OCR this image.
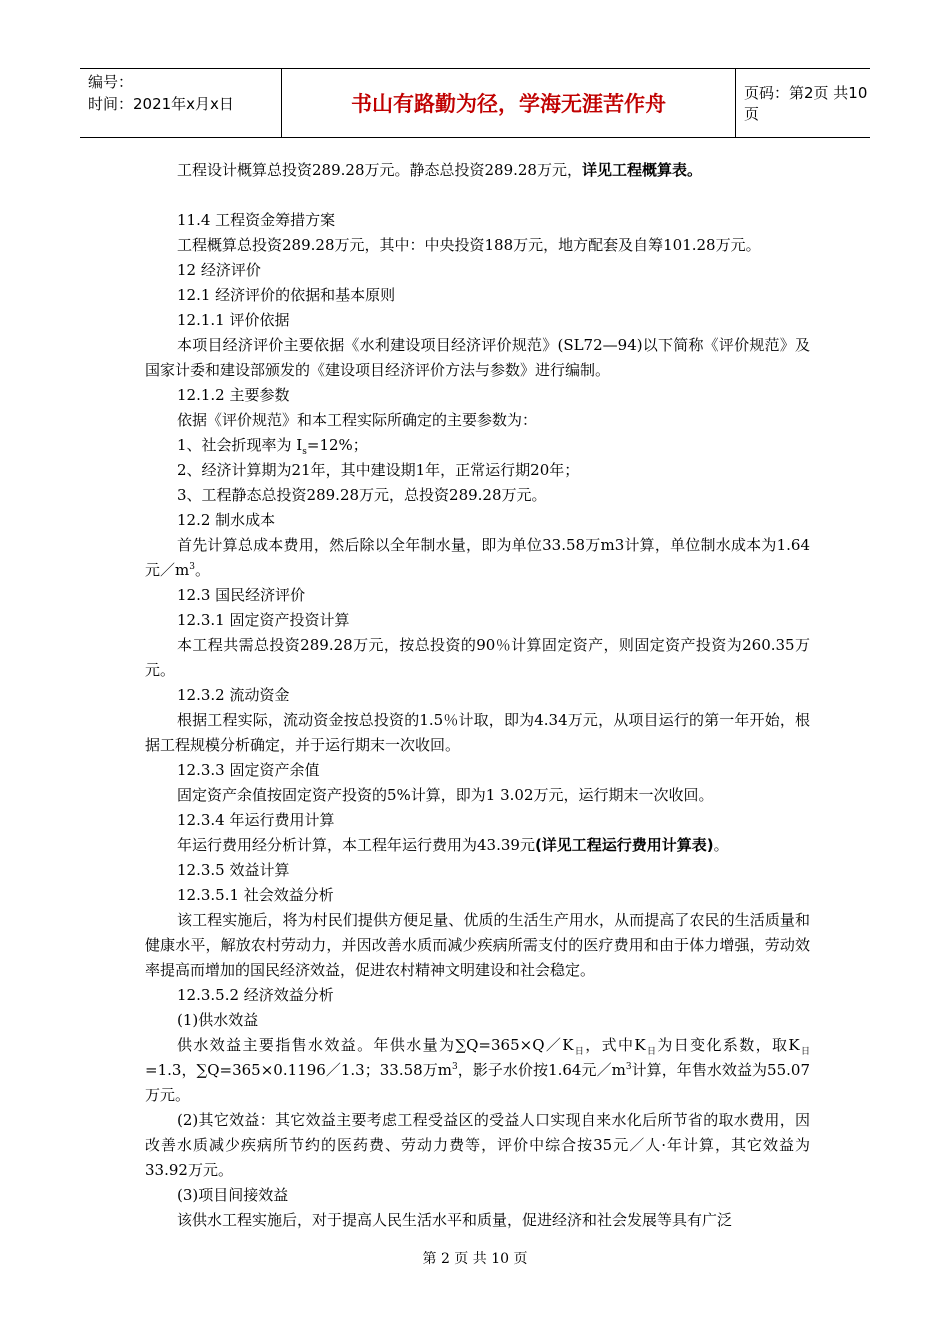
编号：
时间：2021年x月x日	书山有路勤为径，学海无涯苦作舟	页码：第2页 共10页

工程设计概算总投资289.28万元。静态总投资289.28万元，详见工程概算表。

11.4 工程资金筹措方案

工程概算总投资289.28万元，其中：中央投资188万元，地方配套及自筹101.28万元。

12 经济评价

12.1 经济评价的依据和基本原则

12.1.1 评价依据

本项目经济评价主要依据《水利建设项目经济评价规范》(SL72—94)以下简称《评价规范》及国家计委和建设部颁发的《建设项目经济评价方法与参数》进行编制。

12.1.2 主要参数

依据《评价规范》和本工程实际所确定的主要参数为：

1、社会折现率为 $I_s=12\%$；

2、经济计算期为21年，其中建设期1年，正常运行期20年；

3、工程静态总投资289.28万元，总投资289.28万元。

12.2 制水成本

首先计算总成本费用，然后除以全年制水量，即为单位33.58万m3计算，单位制水成本为1.64元$/m^3$。

12.3 国民经济评价

12.3.1 固定资产投资计算

本工程共需总投资289.28万元，按总投资的90％计算固定资产，则固定资产投资为260.35万元。

12.3.2 流动资金

根据工程实际，流动资金按总投资的1.5％计取，即为4.34万元，从项目运行的第一年开始，根据工程规模分析确定，并于运行期末一次收回。

12.3.3 固定资产余值

固定资产余值按固定资产投资的5%计算，即为1 3.02万元，运行期末一次收回。

12.3.4 年运行费用计算

年运行费用经分析计算，本工程年运行费用为43.39元(详见工程运行费用计算表)。

12.3.5 效益计算

12.3.5.1 社会效益分析

该工程实施后，将为村民们提供方便足量、优质的生活生产用水，从而提高了农民的生活质量和健康水平，解放农村劳动力，并因改善水质而减少疾病所需支付的医疗费用和由于体力增强，劳动效率提高而增加的国民经济效益，促进农村精神文明建设和社会稳定。

12.3.5.2 经济效益分析

(1)供水效益

供水效益主要指售水效益。年供水量为$\sum Q=365\times Q/K_日$，式中$K_日$为日变化系数，取$K_日=1.3$，∑Q=365×0.1196／1.3；33.58万$m^3$，影子水价按1.64元$/m^3$计算，年售水效益为55.07万元。

(2)其它效益：其它效益主要考虑工程受益区的受益人口实现自来水化后所节省的取水费用，因改善水质减少疾病所节约的医药费、劳动力费等，评价中综合按35元／人·年计算，其它效益为33.92万元。

(3)项目间接效益

该供水工程实施后，对于提高人民生活水平和质量，促进经济和社会发展等具有广泛

第 2 页 共 10 页
